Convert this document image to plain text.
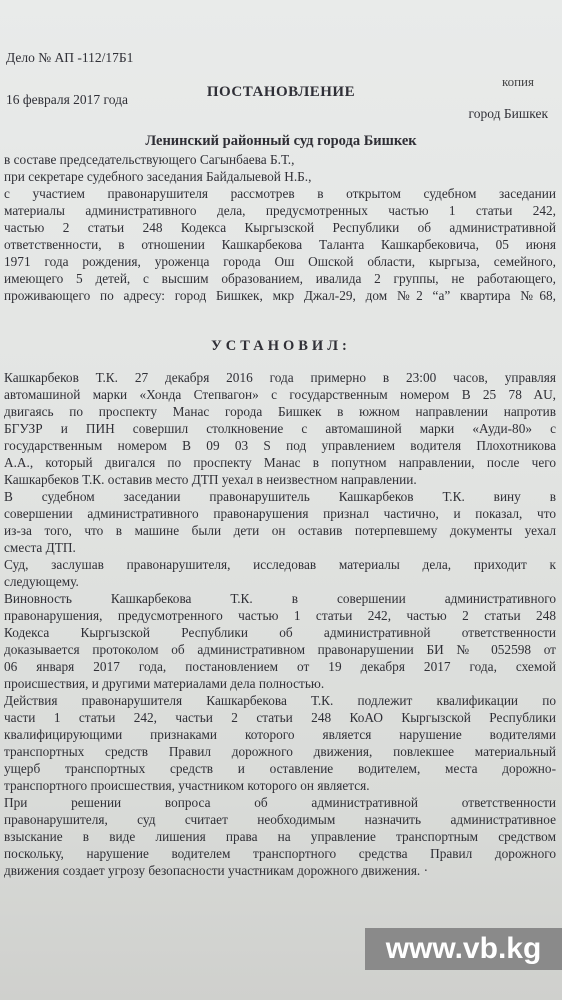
Дело № АП -112/17Б1
16 февраля 2017 года	ПОСТАНОВЛЕНИЕ
копия
город Бишкек
Ленинский районный суд города Бишкек
в составе председательствующего Сагынбаева Б.Т.,
при секретаре судебного заседания Байдалыевой Н.Б.,
с участием правонарушителя рассмотрев в открытом судебном заседании
материалы административного дела, предусмотренных частью 1 статьи 242,
частью 2 статьи 248 Кодекса Кыргызской Республики об административной
ответственности, в отношении Кашкарбекова Таланта Кашкарбековича, 05 июня
1971 года рождения, уроженца города Ош Ошской области, кыргыза, семейного,
имеющего 5 детей, с высшим образованием, ивалида 2 группы, не работающего,
проживающего по адресу: город Бишкек, мкр Джал-29, дом №2 “а” квартира №68,
УСТАНОВИЛ:
Кашкарбеков Т.К. 27 декабря 2016 года примерно в 23:00 часов, управляя
автомашиной марки «Хонда Степвагон» с государственным номером B 25 78 AU,
двигаясь по проспекту Манас города Бишкек в южном направлении напротив
БГУЗР и ПИН совершил столкновение с автомашиной марки «Ауди-80» с
государственным номером В 09 03 S под управлением водителя Плохотникова
А.А., который двигался по проспекту Манас в попутном направлении, после чего
Кашкарбеков Т.К. оставив место ДТП уехал в неизвестном направлении.
В судебном заседании правонарушитель Кашкарбеков Т.К. вину в
совершении административного правонарушения признал частично, и показал, что
из-за того, что в машине были дети он оставив потерпевшему документы уехал
сместа ДТП.
Суд, заслушав правонарушителя, исследовав материалы дела, приходит к
следующему.
Виновность Кашкарбекова Т.К. в совершении административного
правонарушения, предусмотренного частью 1 статьи 242, частью 2 статьи 248
Кодекса Кыргызской Республики об административной ответственности
доказывается протоколом об административном правонарушении БИ № 052598 от
06 января 2017 года, постановлением от 19 декабря 2017 года, схемой
происшествия, и другими материалами дела полностью.
Действия правонарушителя Кашкарбекова Т.К. подлежит квалификации по
части 1 статьи 242, частьи 2 статьи 248 КоАО Кыргызской Республики
квалифицирующими признаками которого является нарушение водителями
транспортных средств Правил дорожного движения, повлекшее материальный
ущерб транспортных средств и оставление водителем, места дорожно-
транспортного происшествия, участником которого он является.
При решении вопроса об административной ответственности
правонарушителя, суд считает необходимым назначить административное
взыскание в виде лишения права на управление транспортным средством
поскольку, нарушение водителем транспортного средства Правил дорожного
движения создает угрозу безопасности участникам дорожного движения. ·
www.vb.kg
